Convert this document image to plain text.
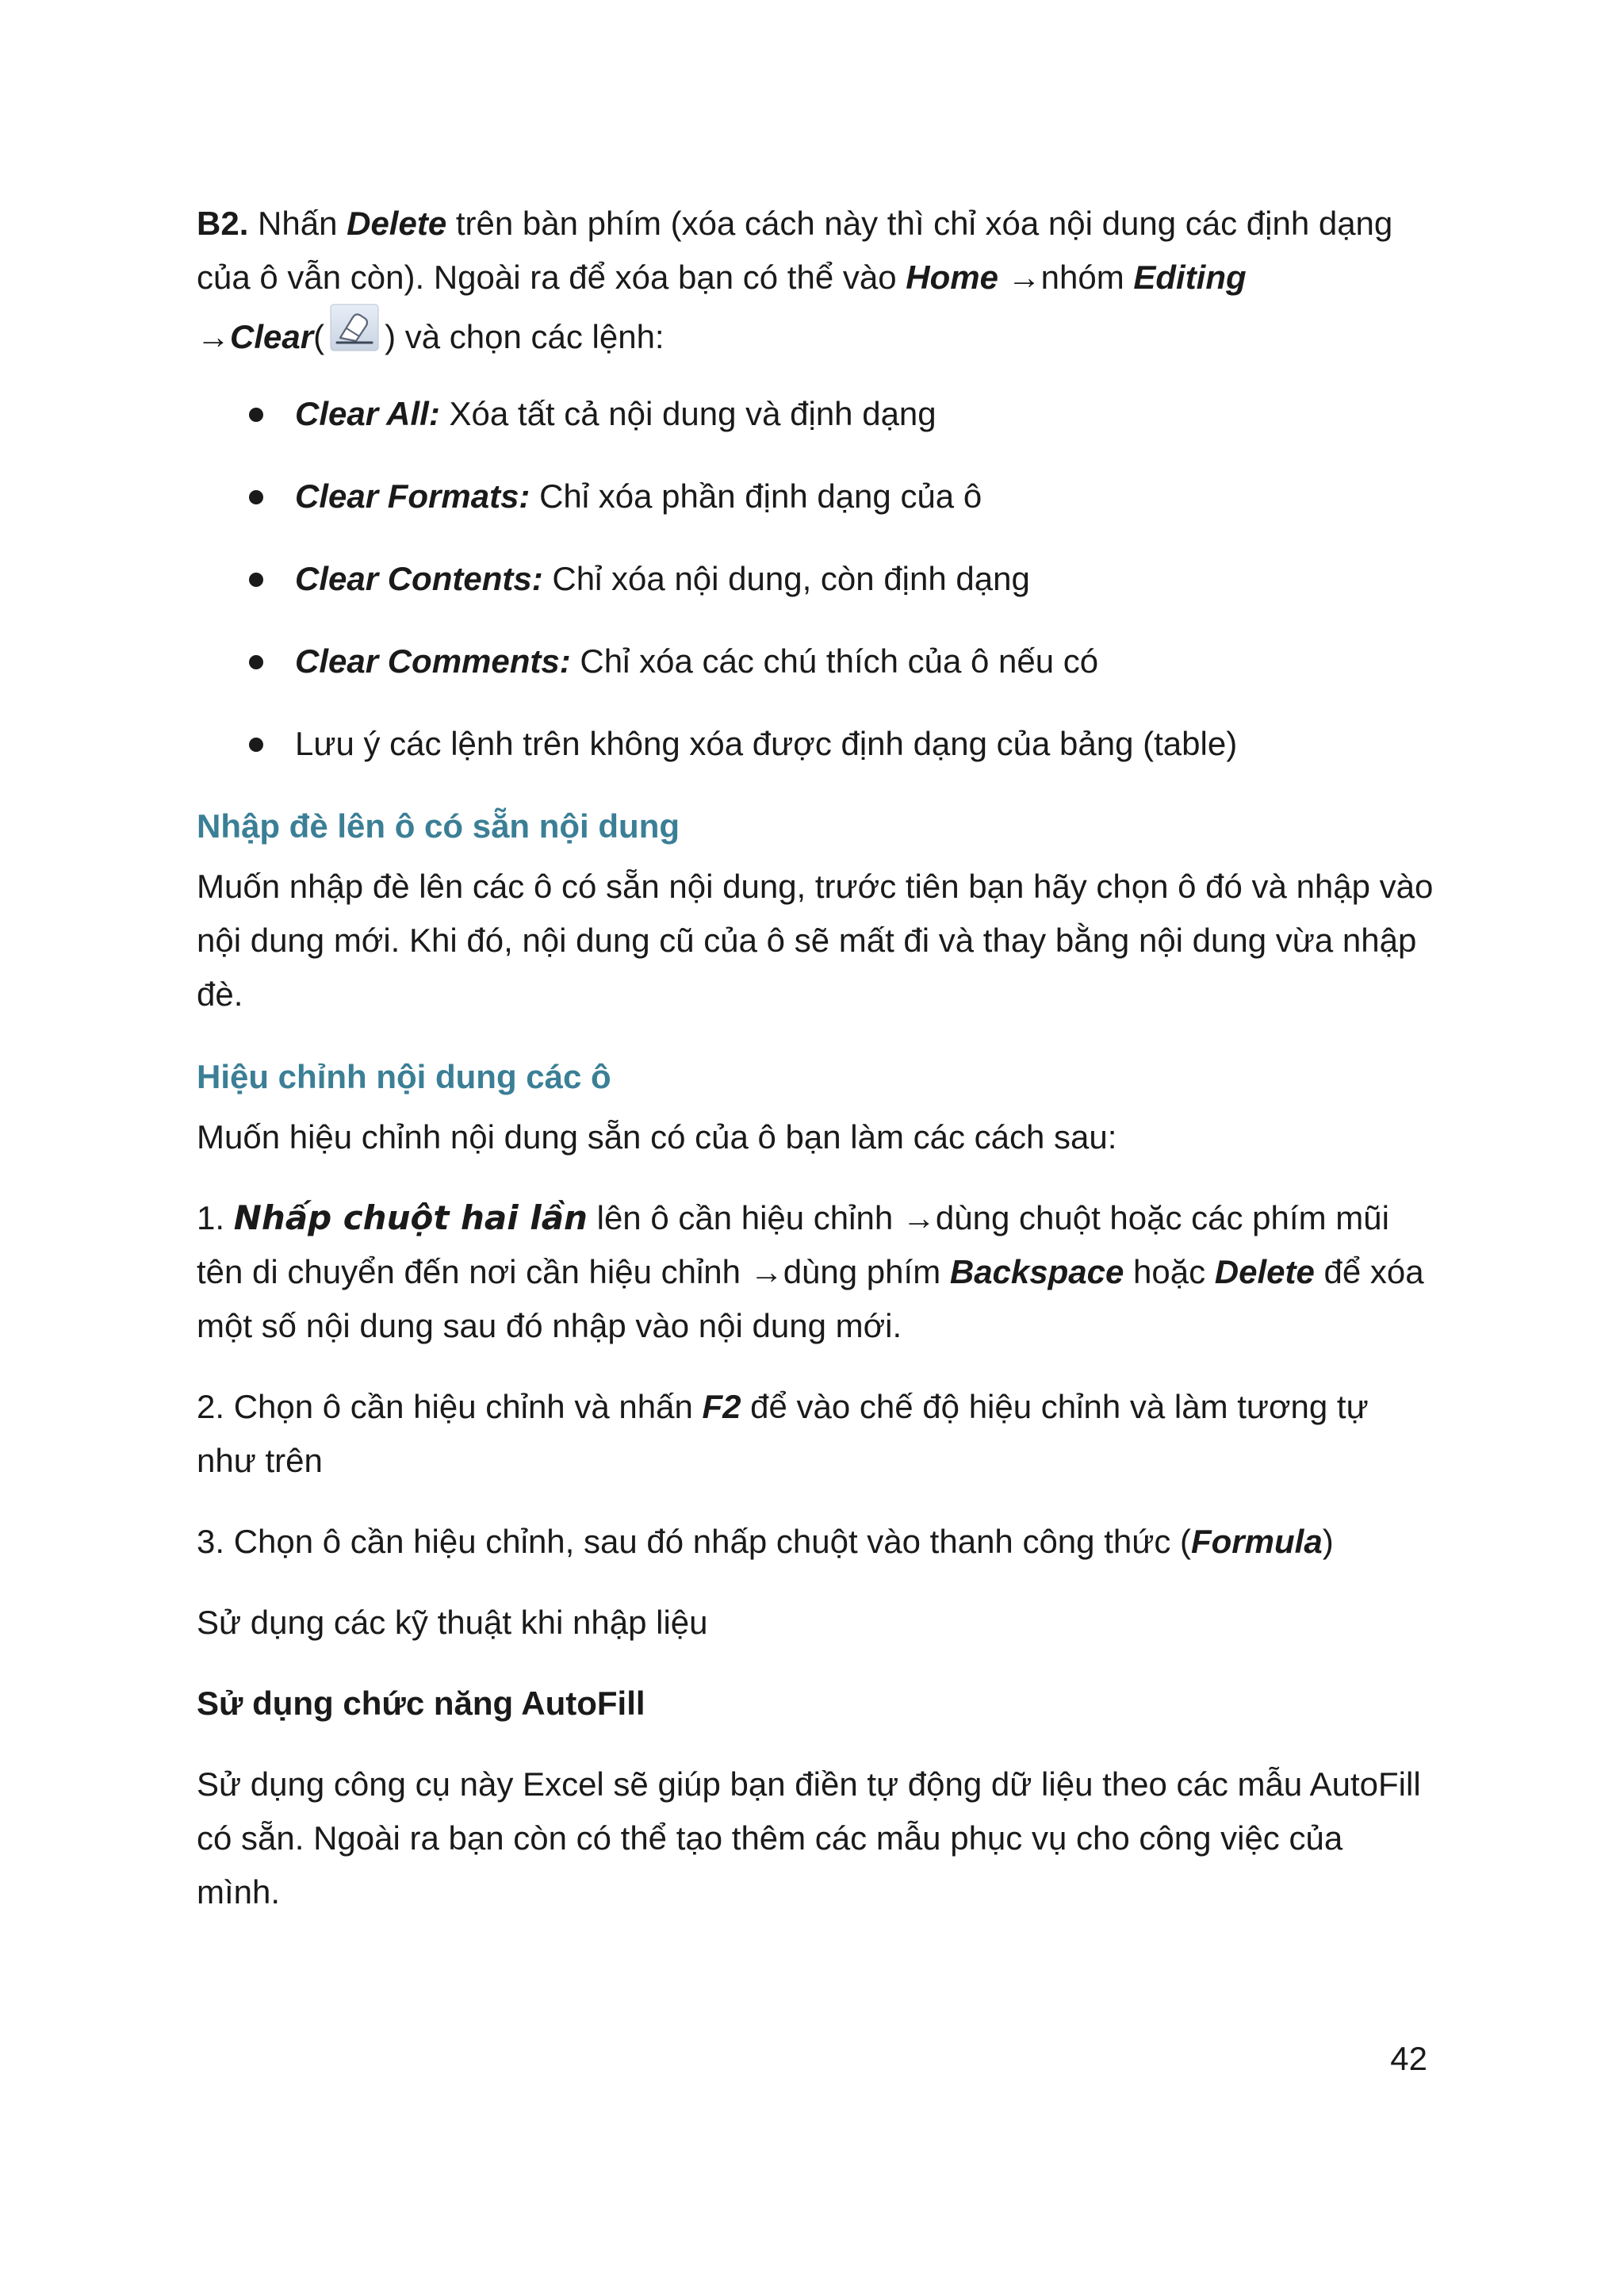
B2. Nhấn Delete trên bàn phím (xóa cách này thì chỉ xóa nội dung các định dạng của ô vẫn còn). Ngoài ra để xóa bạn có thể vào Home →nhóm Editing

→ Clear ( ) và chọn các lệnh:

Clear All: Xóa tất cả nội dung và định dạng
Clear Formats: Chỉ xóa phần định dạng của ô
Clear Contents: Chỉ xóa nội dung, còn định dạng
Clear Comments: Chỉ xóa các chú thích của ô nếu có
Lưu ý các lệnh trên không xóa được định dạng của bảng (table)

Nhập đè lên ô có sẵn nội dung

Muốn nhập đè lên các ô có sẵn nội dung, trước tiên bạn hãy chọn ô đó và nhập vào nội dung mới. Khi đó, nội dung cũ của ô sẽ mất đi và thay bằng nội dung vừa nhập đè.

Hiệu chỉnh nội dung các ô

Muốn hiệu chỉnh nội dung sẵn có của ô bạn làm các cách sau:

1. Nhấp chuột hai lần lên ô cần hiệu chỉnh →dùng chuột hoặc các phím mũi tên di chuyển đến nơi cần hiệu chỉnh →dùng phím Backspace hoặc Delete để xóa một số nội dung sau đó nhập vào nội dung mới.

2. Chọn ô cần hiệu chỉnh và nhấn F2 để vào chế độ hiệu chỉnh và làm tương tự như trên

3. Chọn ô cần hiệu chỉnh, sau đó nhấp chuột vào thanh công thức (Formula)

Sử dụng các kỹ thuật khi nhập liệu

Sử dụng chức năng AutoFill

Sử dụng công cụ này Excel sẽ giúp bạn điền tự động dữ liệu theo các mẫu AutoFill có sẵn. Ngoài ra bạn còn có thể tạo thêm các mẫu phục vụ cho công việc của mình.

42
